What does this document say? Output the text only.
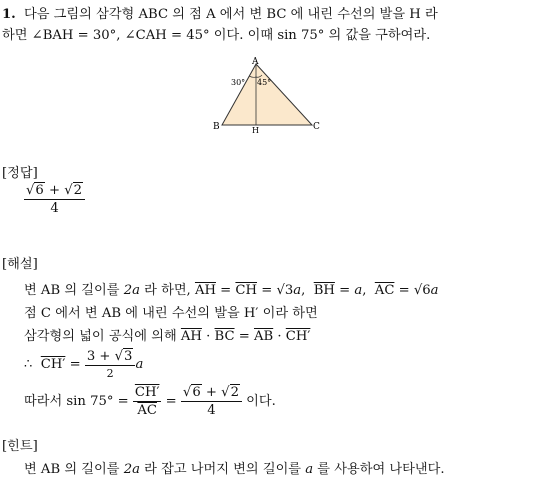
1. 다음 그림의 삼각형 ABC 의 점 A 에서 변 BC 에 내린 수선의 발을 H 라
하면 ∠BAH = 30°, ∠CAH = 45° 이다. 이때 sin 75° 의 값을 구하여라.
A
B	C
H
30° 45°
[정답]
$\frac{√6 + √2}{4}$
[해설]
변 AB 의 길이를 2a 라 하면, $\overline{AH} = \overline{CH} = √3a$,  $\overline{BH} = a$,  $\overline{AC} = √6a$
점 C 에서 변 AB 에 내린 수선의 발을 H′ 이라 하면
삼각형의 넓이 공식에 의해 $\overline{AH} \cdot \overline{BC} = \overline{AB} \cdot CH'$
∴ $CH' = \frac{3 + √3}{2}$ a
따라서 $\sin 75^\circ = \frac{CH'}{AC} = \frac{√6 + √2}{4}$ 이다.
[힌트]
변 AB 의 길이를 2a 라 잡고 나머지 변의 길이를 a 를 사용하여 나타낸다.
